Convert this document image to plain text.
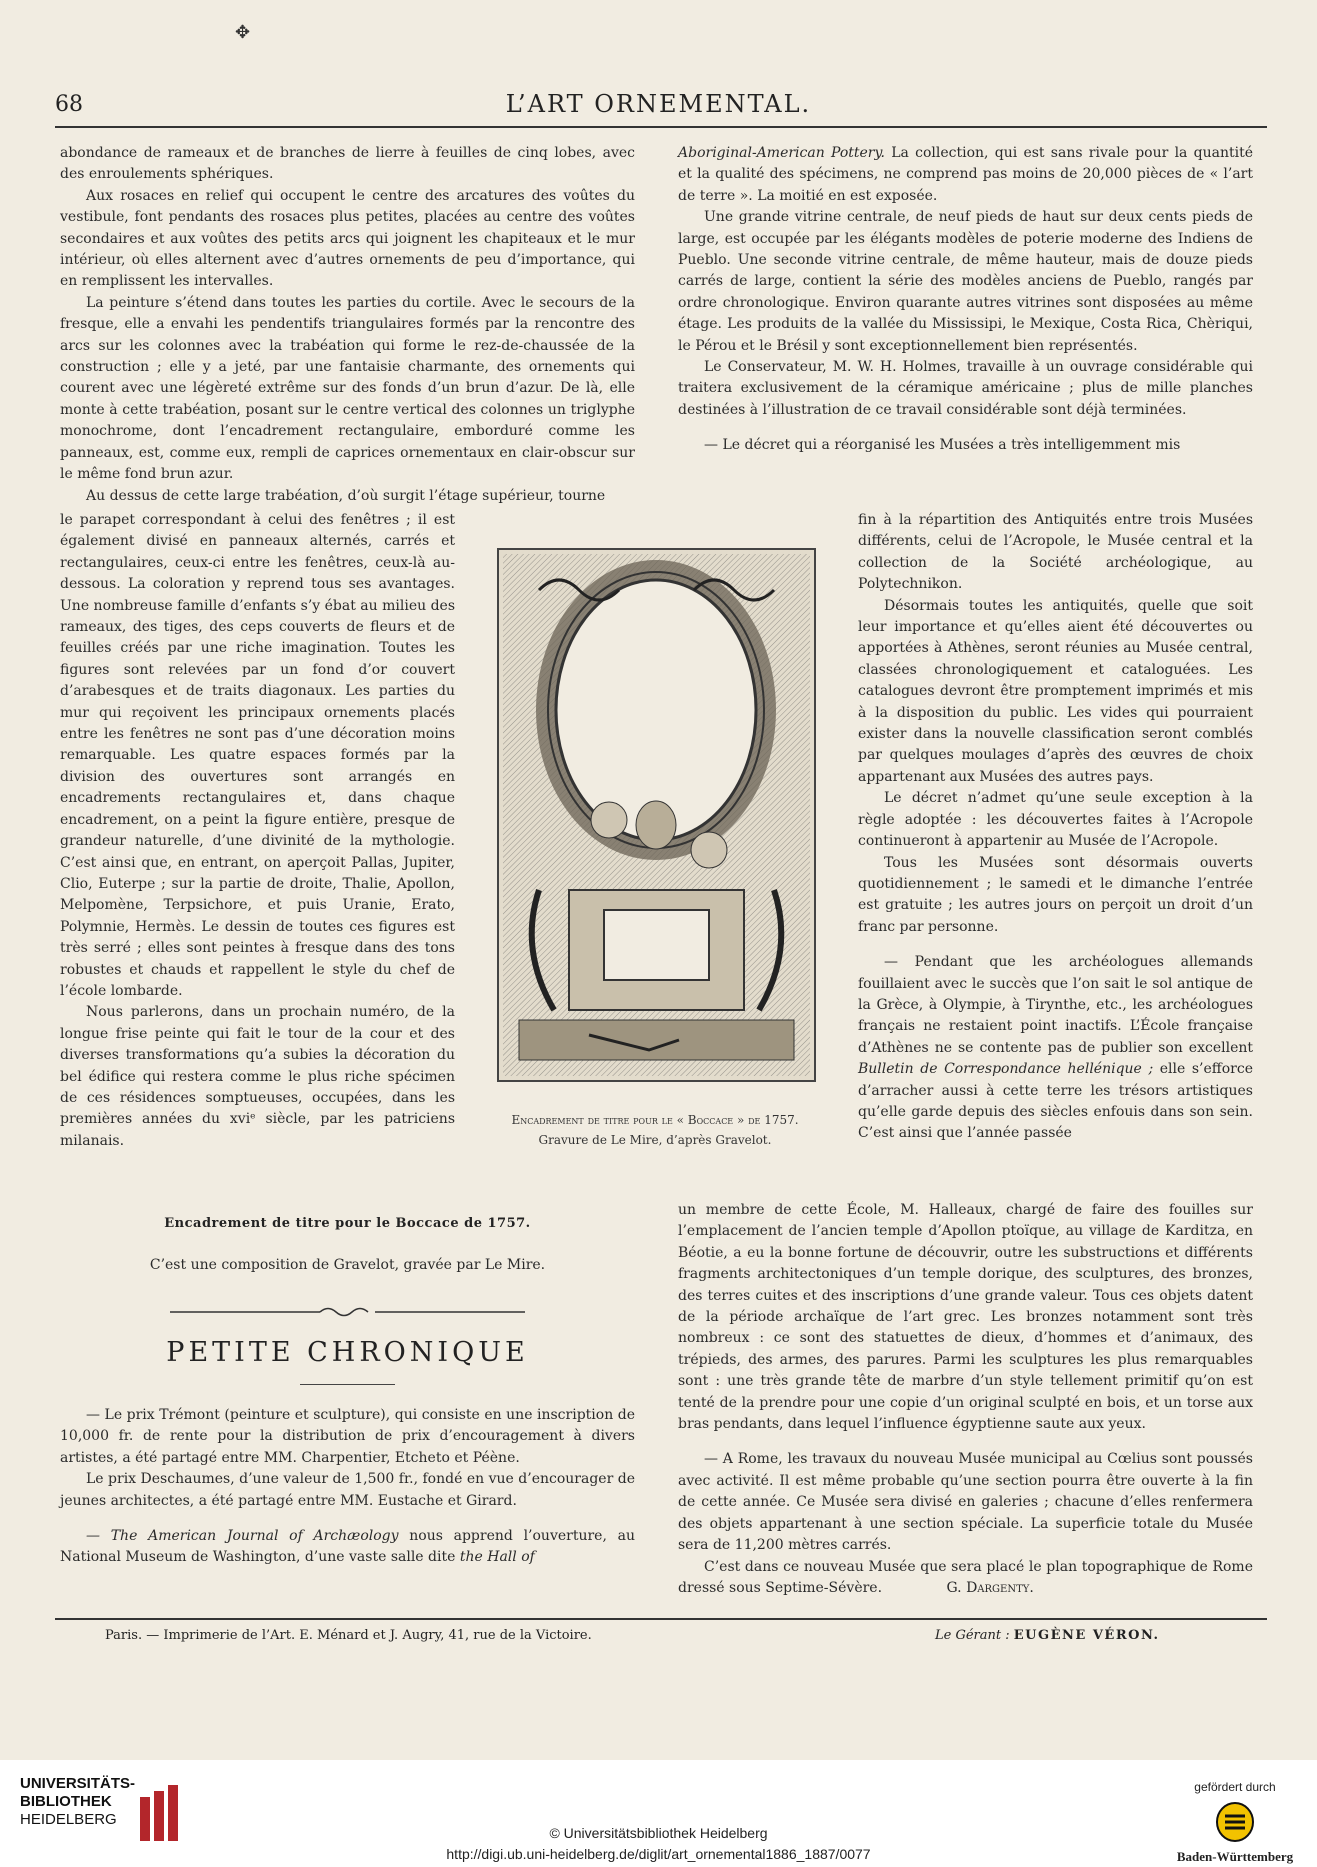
✥
68	L’ART ORNEMENTAL.

abondance de rameaux et de branches de lierre à feuilles de cinq lobes, avec des enroulements sphériques.

Aux rosaces en relief qui occupent le centre des arcatures des voûtes du vestibule, font pendants des rosaces plus petites, placées au centre des voûtes secondaires et aux voûtes des petits arcs qui joignent les chapiteaux et le mur intérieur, où elles alternent avec d’autres ornements de peu d’importance, qui en remplissent les intervalles.

La peinture s’étend dans toutes les parties du cortile. Avec le secours de la fresque, elle a envahi les pendentifs triangulaires formés par la rencontre des arcs sur les colonnes avec la trabéation qui forme le rez-de-chaussée de la construction ; elle y a jeté, par une fantaisie charmante, des ornements qui courent avec une légèreté extrême sur des fonds d’un brun d’azur. De là, elle monte à cette trabéation, posant sur le centre vertical des colonnes un triglyphe monochrome, dont l’encadrement rectangulaire, emborduré comme les panneaux, est, comme eux, rempli de caprices ornementaux en clair-obscur sur le même fond brun azur.

Au dessus de cette large trabéation, d’où surgit l’étage supérieur, tourne

le parapet correspondant à celui des fenêtres ; il est également divisé en panneaux alternés, carrés et rectangulaires, ceux-ci entre les fenêtres, ceux-là au-dessous. La coloration y reprend tous ses avantages. Une nombreuse famille d’enfants s’y ébat au milieu des rameaux, des tiges, des ceps couverts de fleurs et de feuilles créés par une riche imagination. Toutes les figures sont relevées par un fond d’or couvert d’arabesques et de traits diagonaux. Les parties du mur qui reçoivent les principaux ornements placés entre les fenêtres ne sont pas d’une décoration moins remarquable. Les quatre espaces formés par la division des ouvertures sont arrangés en encadrements rectangulaires et, dans chaque encadrement, on a peint la figure entière, presque de grandeur naturelle, d’une divinité de la mythologie. C’est ainsi que, en entrant, on aperçoit Pallas, Jupiter, Clio, Euterpe ; sur la partie de droite, Thalie, Apollon, Melpomène, Terpsichore, et puis Uranie, Erato, Polymnie, Hermès. Le dessin de toutes ces figures est très serré ; elles sont peintes à fresque dans des tons robustes et chauds et rappellent le style du chef de l’école lombarde.

Nous parlerons, dans un prochain numéro, de la longue frise peinte qui fait le tour de la cour et des diverses transformations qu’a subies la décoration du bel édifice qui restera comme le plus riche spécimen de ces résidences somptueuses, occupées, dans les premières années du xviᵉ siècle, par les patriciens milanais.

Encadrement de titre pour le « Boccace » de 1757.
Gravure de Le Mire, d’après Gravelot.
Encadrement de titre pour le Boccace de 1757.
C’est une composition de Gravelot, gravée par Le Mire.
PETITE CHRONIQUE

— Le prix Trémont (peinture et sculpture), qui consiste en une inscription de 10,000 fr. de rente pour la distribution de prix d’encouragement à divers artistes, a été partagé entre MM. Charpentier, Etcheto et Péène.

Le prix Deschaumes, d’une valeur de 1,500 fr., fondé en vue d’encourager de jeunes architectes, a été partagé entre MM. Eustache et Girard.

— The American Journal of Archæology nous apprend l’ouverture, au National Museum de Washington, d’une vaste salle dite the Hall of

Aboriginal-American Pottery. La collection, qui est sans rivale pour la quantité et la qualité des spécimens, ne comprend pas moins de 20,000 pièces de « l’art de terre ». La moitié en est exposée.

Une grande vitrine centrale, de neuf pieds de haut sur deux cents pieds de large, est occupée par les élégants modèles de poterie moderne des Indiens de Pueblo. Une seconde vitrine centrale, de même hauteur, mais de douze pieds carrés de large, contient la série des modèles anciens de Pueblo, rangés par ordre chronologique. Environ quarante autres vitrines sont disposées au même étage. Les produits de la vallée du Mississipi, le Mexique, Costa Rica, Chèriqui, le Pérou et le Brésil y sont exceptionnellement bien représentés.

Le Conservateur, M. W. H. Holmes, travaille à un ouvrage considérable qui traitera exclusivement de la céramique américaine ; plus de mille planches destinées à l’illustration de ce travail considérable sont déjà terminées.

— Le décret qui a réorganisé les Musées a très intelligemment mis

fin à la répartition des Antiquités entre trois Musées différents, celui de l’Acropole, le Musée central et la collection de la Société archéologique, au Polytechnikon.

Désormais toutes les antiquités, quelle que soit leur importance et qu’elles aient été découvertes ou apportées à Athènes, seront réunies au Musée central, classées chronologiquement et cataloguées. Les catalogues devront être promptement imprimés et mis à la disposition du public. Les vides qui pourraient exister dans la nouvelle classification seront comblés par quelques moulages d’après des œuvres de choix appartenant aux Musées des autres pays.

Le décret n’admet qu’une seule exception à la règle adoptée : les découvertes faites à l’Acropole continueront à appartenir au Musée de l’Acropole.

Tous les Musées sont désormais ouverts quotidiennement ; le samedi et le dimanche l’entrée est gratuite ; les autres jours on perçoit un droit d’un franc par personne.

— Pendant que les archéologues allemands fouillaient avec le succès que l’on sait le sol antique de la Grèce, à Olympie, à Tirynthe, etc., les archéologues français ne restaient point inactifs. L’École française d’Athènes ne se contente pas de publier son excellent Bulletin de Correspondance hellénique ; elle s’efforce d’arracher aussi à cette terre les trésors artistiques qu’elle garde depuis des siècles enfouis dans son sein. C’est ainsi que l’année passée

un membre de cette École, M. Halleaux, chargé de faire des fouilles sur l’emplacement de l’ancien temple d’Apollon ptoïque, au village de Karditza, en Béotie, a eu la bonne fortune de découvrir, outre les substructions et différents fragments architectoniques d’un temple dorique, des sculptures, des bronzes, des terres cuites et des inscriptions d’une grande valeur. Tous ces objets datent de la période archaïque de l’art grec. Les bronzes notamment sont très nombreux : ce sont des statuettes de dieux, d’hommes et d’animaux, des trépieds, des armes, des parures. Parmi les sculptures les plus remarquables sont : une très grande tête de marbre d’un style tellement primitif qu’on est tenté de la prendre pour une copie d’un original sculpté en bois, et un torse aux bras pendants, dans lequel l’influence égyptienne saute aux yeux.

— A Rome, les travaux du nouveau Musée municipal au Cœlius sont poussés avec activité. Il est même probable qu’une section pourra être ouverte à la fin de cette année. Ce Musée sera divisé en galeries ; chacune d’elles renfermera des objets appartenant à une section spéciale. La superficie totale du Musée sera de 11,200 mètres carrés.

C’est dans ce nouveau Musée que sera placé le plan topographique de Rome dressé sous Septime-Sévère.	G. Dargenty.

Paris. — Imprimerie de l’Art. E. Ménard et J. Augry, 41, rue de la Victoire.	Le Gérant : EUGÈNE VÉRON.
UNIVERSITÄTS-
BIBLIOTHEK
HEIDELBERG
© Universitätsbibliothek Heidelberg
http://digi.ub.uni-heidelberg.de/diglit/art_ornemental1886_1887/0077
gefördert durch
Baden-Württemberg
